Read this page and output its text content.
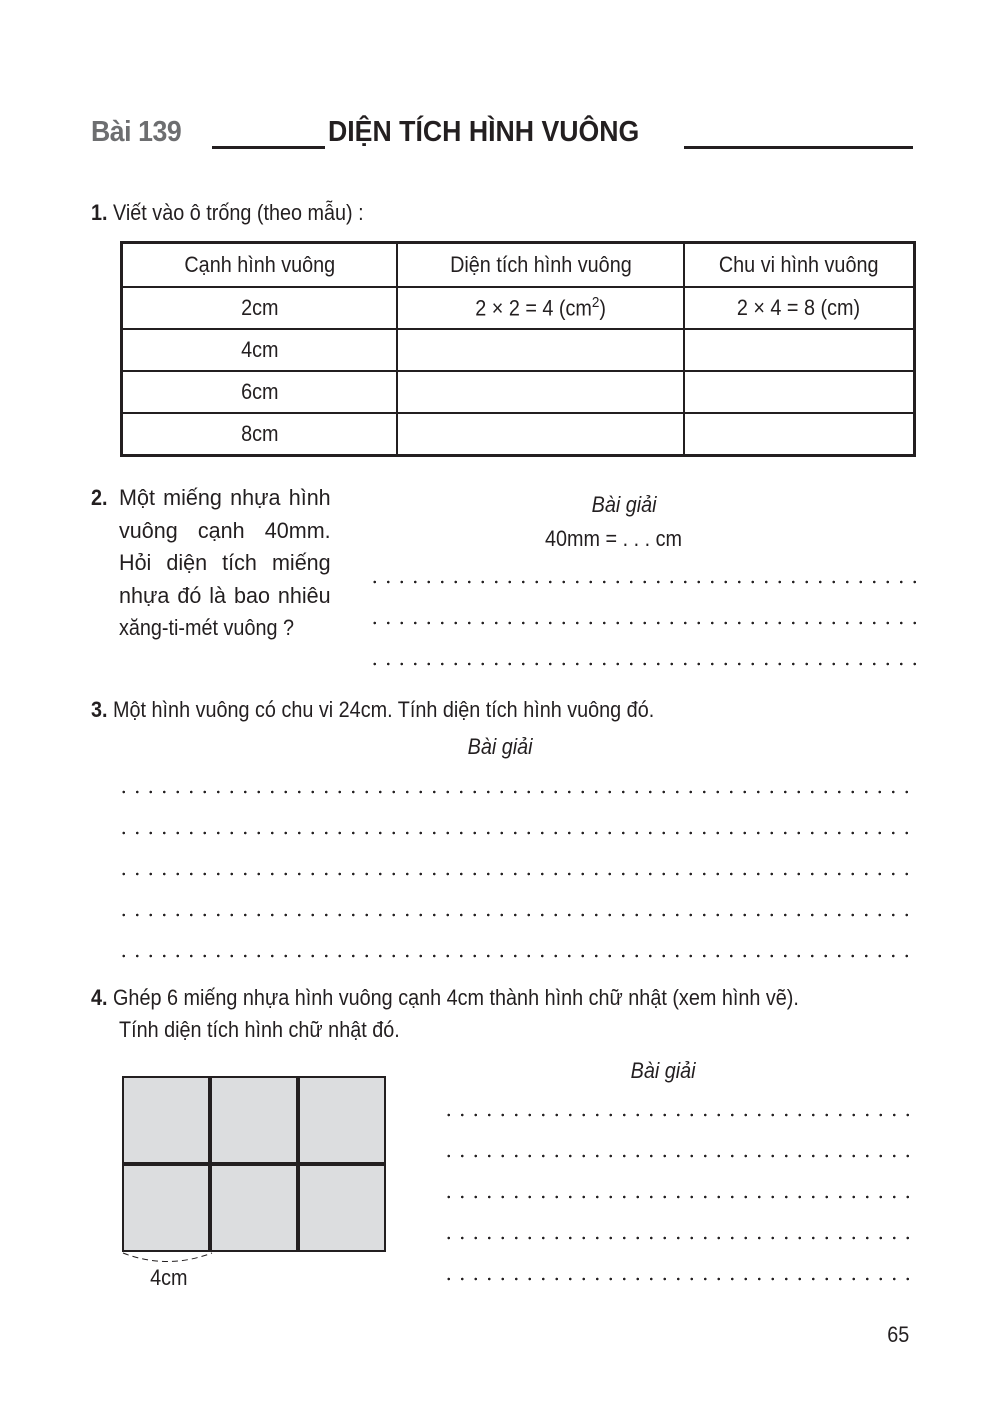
Bài 139	DIỆN TÍCH HÌNH VUÔNG
1. Viết vào ô trống (theo mẫu) :
Cạnh hình vuông	Diện tích hình vuông	Chu vi hình vuông
2cm	2 × 2 = 4 $(cm^2)$	2 × 4 = 8 (cm)
4cm		
6cm		
8cm		
2. Một miếng nhựa hình
vuông cạnh 40mm.
Hỏi diện tích miếng
nhựa đó là bao nhiêu
xăng-ti-mét vuông ?
Bài giải
40mm = . . . cm
3. Một hình vuông có chu vi 24cm. Tính diện tích hình vuông đó.
Bài giải
4. Ghép 6 miếng nhựa hình vuông cạnh 4cm thành hình chữ nhật (xem hình vẽ).
Tính diện tích hình chữ nhật đó.
4cm
Bài giải
65
